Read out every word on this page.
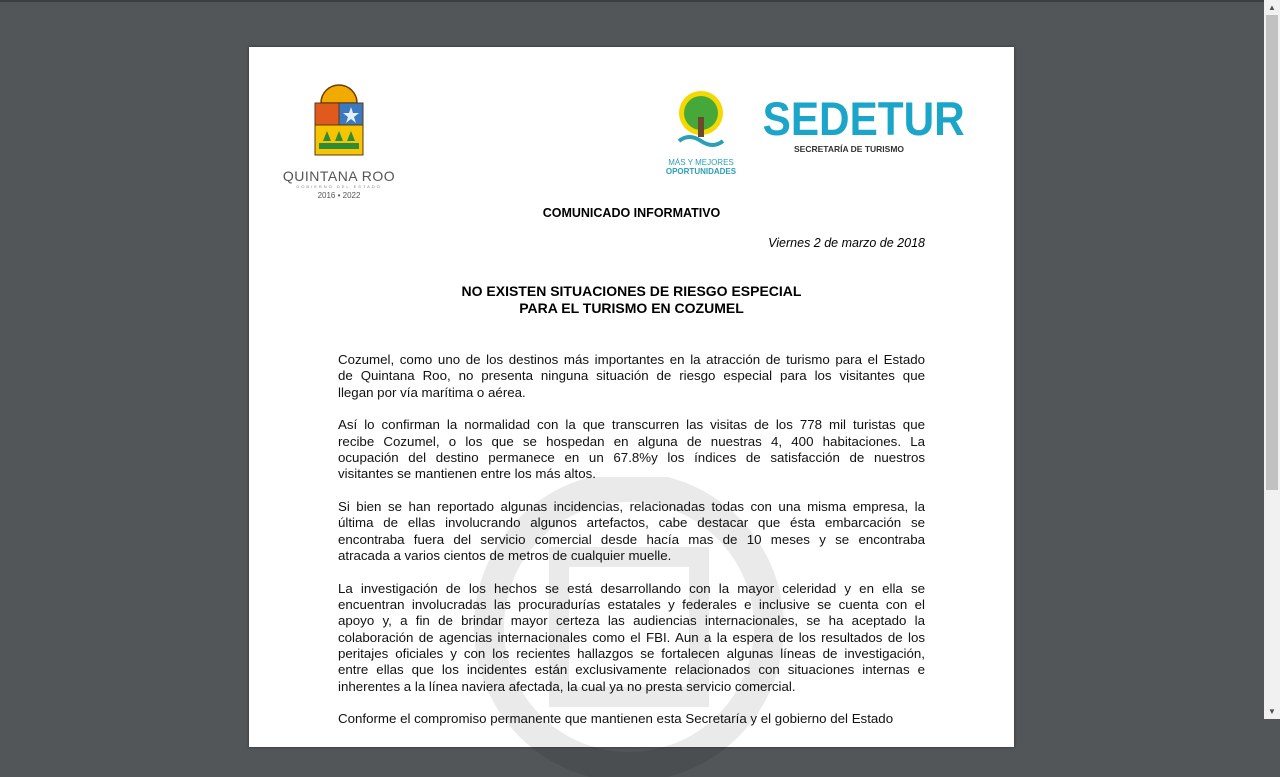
QUINTANA ROO
GOBIERNO DEL ESTADO
2016 • 2022
MÁS Y MEJORES
OPORTUNIDADES
SEDETUR
SECRETARÍA DE TURISMO
COMUNICADO INFORMATIVO
Viernes 2 de marzo de 2018
NO EXISTEN SITUACIONES DE RIESGO ESPECIAL
PARA EL TURISMO EN COZUMEL
Cozumel, como uno de los destinos más importantes en la atracción de turismo para el Estado
de Quintana Roo, no presenta ninguna situación de riesgo especial para los visitantes que
llegan por vía marítima o aérea.
Así lo confirman la normalidad con la que transcurren las visitas de los 778 mil turistas que
recibe Cozumel, o los que se hospedan en alguna de nuestras 4, 400 habitaciones. La
ocupación del destino permanece en un 67.8%y los índices de satisfacción de nuestros
visitantes se mantienen entre los más altos.
Si bien se han reportado algunas incidencias, relacionadas todas con una misma empresa, la
última de ellas involucrando algunos artefactos, cabe destacar que ésta embarcación se
encontraba fuera del servicio comercial desde hacía mas de 10 meses y se encontraba
atracada a varios cientos de metros de cualquier muelle.
La investigación de los hechos se está desarrollando con la mayor celeridad y en ella se
encuentran involucradas las procuradurías estatales y federales e inclusive se cuenta con el
apoyo y, a fin de brindar mayor certeza las audiencias internacionales, se ha aceptado la
colaboración de agencias internacionales como el FBI. Aun a la espera de los resultados de los
peritajes oficiales y con los recientes hallazgos se fortalecen algunas líneas de investigación,
entre ellas que los incidentes están exclusivamente relacionados con situaciones internas e
inherentes a la línea naviera afectada, la cual ya no presta servicio comercial.
Conforme el compromiso permanente que mantienen esta Secretaría y el gobierno del Estado
▲
▼
